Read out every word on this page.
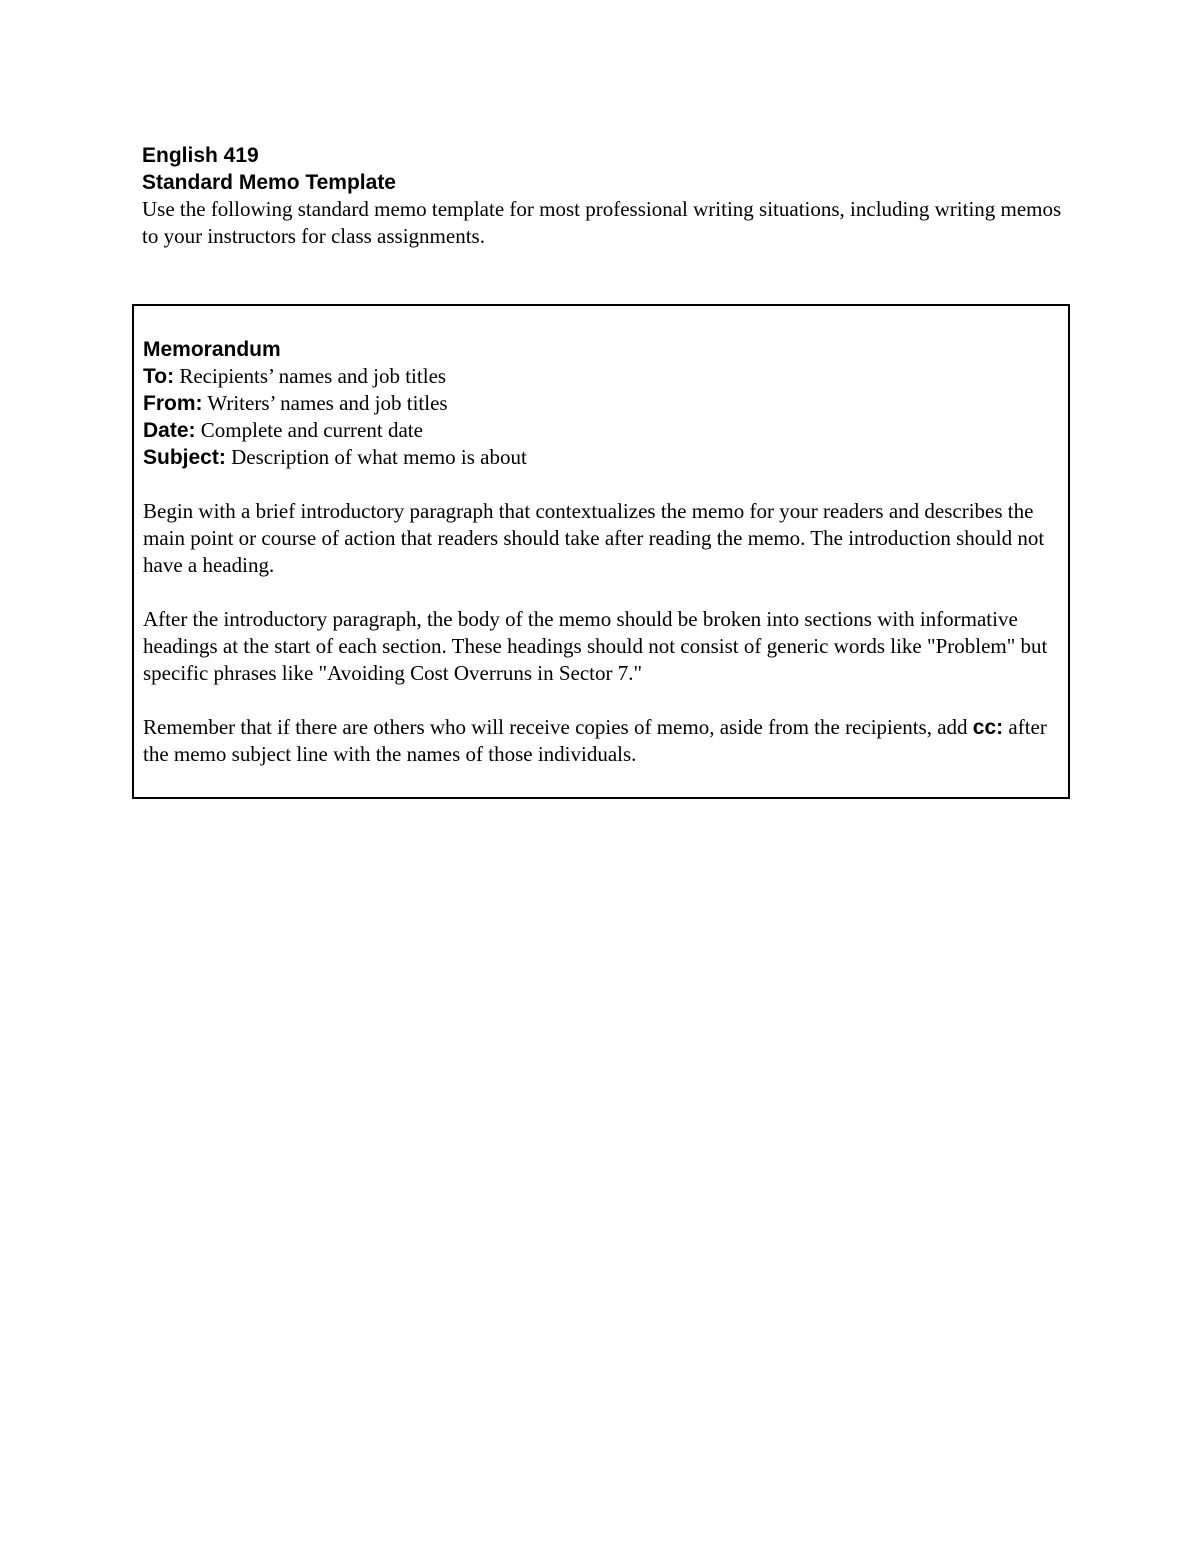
English 419

Standard Memo Template

Use the following standard memo template for most professional writing situations, including writing memos to your instructors for class assignments.

Memorandum

To: Recipients’ names and job titles

From: Writers’ names and job titles

Date: Complete and current date

Subject: Description of what memo is about

Begin with a brief introductory paragraph that contextualizes the memo for your readers and describes the main point or course of action that readers should take after reading the memo. The introduction should not have a heading.

After the introductory paragraph, the body of the memo should be broken into sections with informative headings at the start of each section. These headings should not consist of generic words like "Problem" but specific phrases like "Avoiding Cost Overruns in Sector 7."

Remember that if there are others who will receive copies of memo, aside from the recipients, add cc: after the memo subject line with the names of those individuals.
